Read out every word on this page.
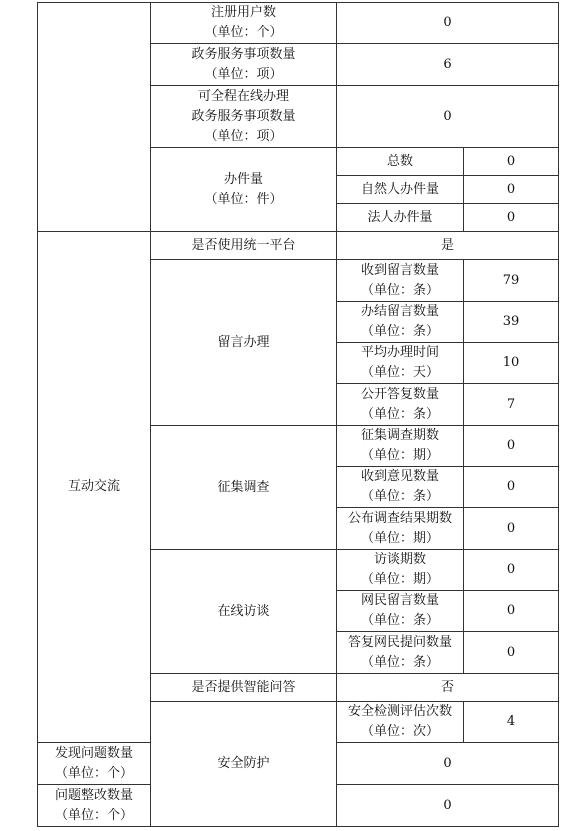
	注册用户数
（单位：个）	0	

	政务服务事项数量
（单位：项）	6	

	可全程在线办理
政务服务事项数量
（单位：项）	0	

	办件量
（单位：件）	总数	0
		自然人办件量	0
		法人办件量	0
互动交流	是否使用统一平台	是	
	留言办理	收到留言数量
（单位：条）	79

		办结留言数量
（单位：条）	39

		平均办理时间
（单位：天）	10

		公开答复数量
（单位：条）	7
	征集调查	征集调查期数
（单位：期）	0

		收到意见数量
（单位：条）	0

		公布调查结果期数
（单位：期）	0
	在线访谈	访谈期数
（单位：期）	0

		网民留言数量
（单位：条）	0

		答复网民提问数量
（单位：条）	0
	是否提供智能问答	否	
	安全防护	安全检测评估次数
（单位：次）	4

发现问题数量
（单位：个）		0	

问题整改数量
（单位：个）		0	
